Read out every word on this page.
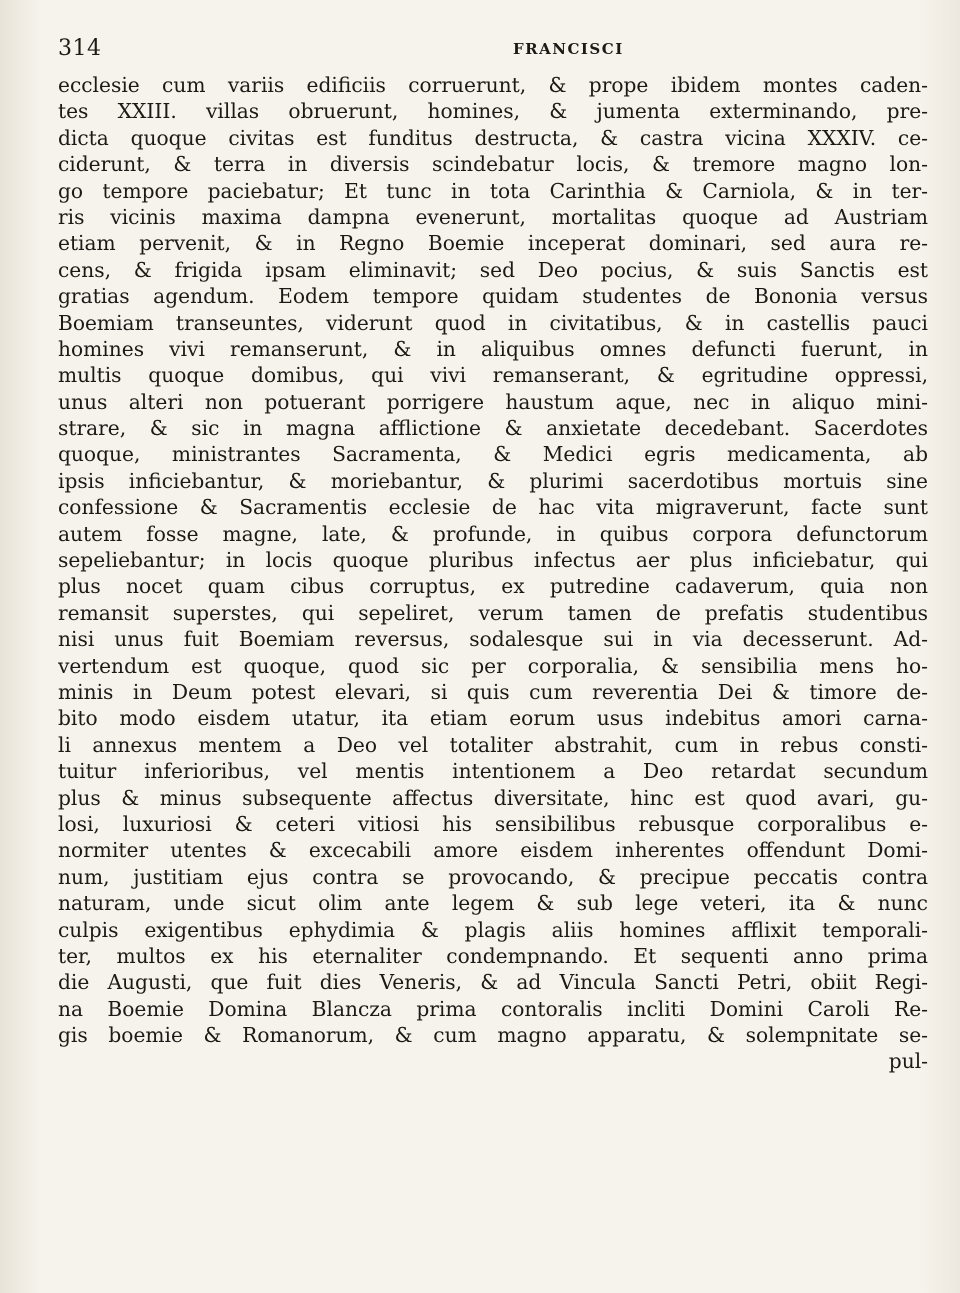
314	FRANCISCI
ecclesie cum variis edificiis corruerunt, & prope ibidem montes caden-
tes XXIII. villas obruerunt, homines, & jumenta exterminando, pre-
dicta quoque civitas est funditus destructa, & castra vicina XXXIV. ce-
ciderunt, & terra in diversis scindebatur locis, & tremore magno lon-
go tempore paciebatur; Et tunc in tota Carinthia & Carniola, & in ter-
ris vicinis maxima dampna evenerunt, mortalitas quoque ad Austriam
etiam pervenit, & in Regno Boemie inceperat dominari, sed aura re-
cens, & frigida ipsam eliminavit; sed Deo pocius, & suis Sanctis est
gratias agendum. Eodem tempore quidam studentes de Bononia versus
Boemiam transeuntes, viderunt quod in civitatibus, & in castellis pauci
homines vivi remanserunt, & in aliquibus omnes defuncti fuerunt, in
multis quoque domibus, qui vivi remanserant, & egritudine oppressi,
unus alteri non potuerant porrigere haustum aque, nec in aliquo mini-
strare, & sic in magna afflictione & anxietate decedebant. Sacerdotes
quoque, ministrantes Sacramenta, & Medici egris medicamenta, ab
ipsis inficiebantur, & moriebantur, & plurimi sacerdotibus mortuis sine
confessione & Sacramentis ecclesie de hac vita migraverunt, facte sunt
autem fosse magne, late, & profunde, in quibus corpora defunctorum
sepeliebantur; in locis quoque pluribus infectus aer plus inficiebatur, qui
plus nocet quam cibus corruptus, ex putredine cadaverum, quia non
remansit superstes, qui sepeliret, verum tamen de prefatis studentibus
nisi unus fuit Boemiam reversus, sodalesque sui in via decesserunt. Ad-
vertendum est quoque, quod sic per corporalia, & sensibilia mens ho-
minis in Deum potest elevari, si quis cum reverentia Dei & timore de-
bito modo eisdem utatur, ita etiam eorum usus indebitus amori carna-
li annexus mentem a Deo vel totaliter abstrahit, cum in rebus consti-
tuitur inferioribus, vel mentis intentionem a Deo retardat secundum
plus & minus subsequente affectus diversitate, hinc est quod avari, gu-
losi, luxuriosi & ceteri vitiosi his sensibilibus rebusque corporalibus e-
normiter utentes & excecabili amore eisdem inherentes offendunt Domi-
num, justitiam ejus contra se provocando, & precipue peccatis contra
naturam, unde sicut olim ante legem & sub lege veteri, ita & nunc
culpis exigentibus ephydimia & plagis aliis homines afflixit temporali-
ter, multos ex his eternaliter condempnando. Et sequenti anno prima
die Augusti, que fuit dies Veneris, & ad Vincula Sancti Petri, obiit Regi-
na Boemie Domina Blancza prima contoralis incliti Domini Caroli Re-
gis boemie & Romanorum, & cum magno apparatu, & solempnitate se-
pul-
